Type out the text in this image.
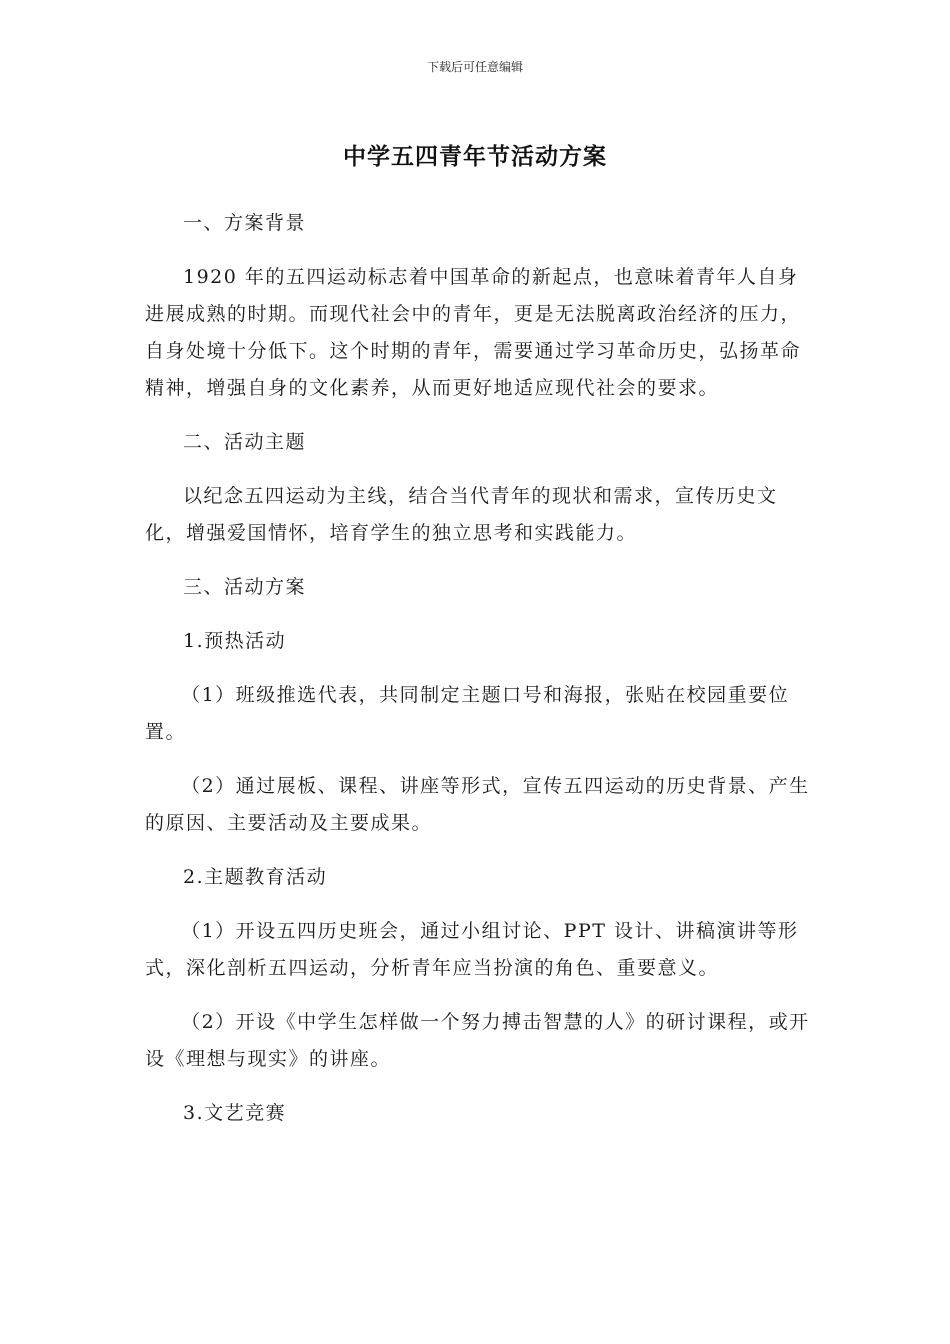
下载后可任意编辑
中学五四青年节活动方案

一、方案背景

1920 年的五四运动标志着中国革命的新起点，也意味着青年人自身进展成熟的时期。而现代社会中的青年，更是无法脱离政治经济的压力，自身处境十分低下。这个时期的青年，需要通过学习革命历史，弘扬革命精神，增强自身的文化素养，从而更好地适应现代社会的要求。

二、活动主题

以纪念五四运动为主线，结合当代青年的现状和需求，宣传历史文化，增强爱国情怀，培育学生的独立思考和实践能力。

三、活动方案

1.预热活动

（1）班级推选代表，共同制定主题口号和海报，张贴在校园重要位置。

（2）通过展板、课程、讲座等形式，宣传五四运动的历史背景、产生的原因、主要活动及主要成果。

2.主题教育活动

（1）开设五四历史班会，通过小组讨论、PPT 设计、讲稿演讲等形式，深化剖析五四运动，分析青年应当扮演的角色、重要意义。

（2）开设《中学生怎样做一个努力搏击智慧的人》的研讨课程，或开设《理想与现实》的讲座。

3.文艺竞赛
